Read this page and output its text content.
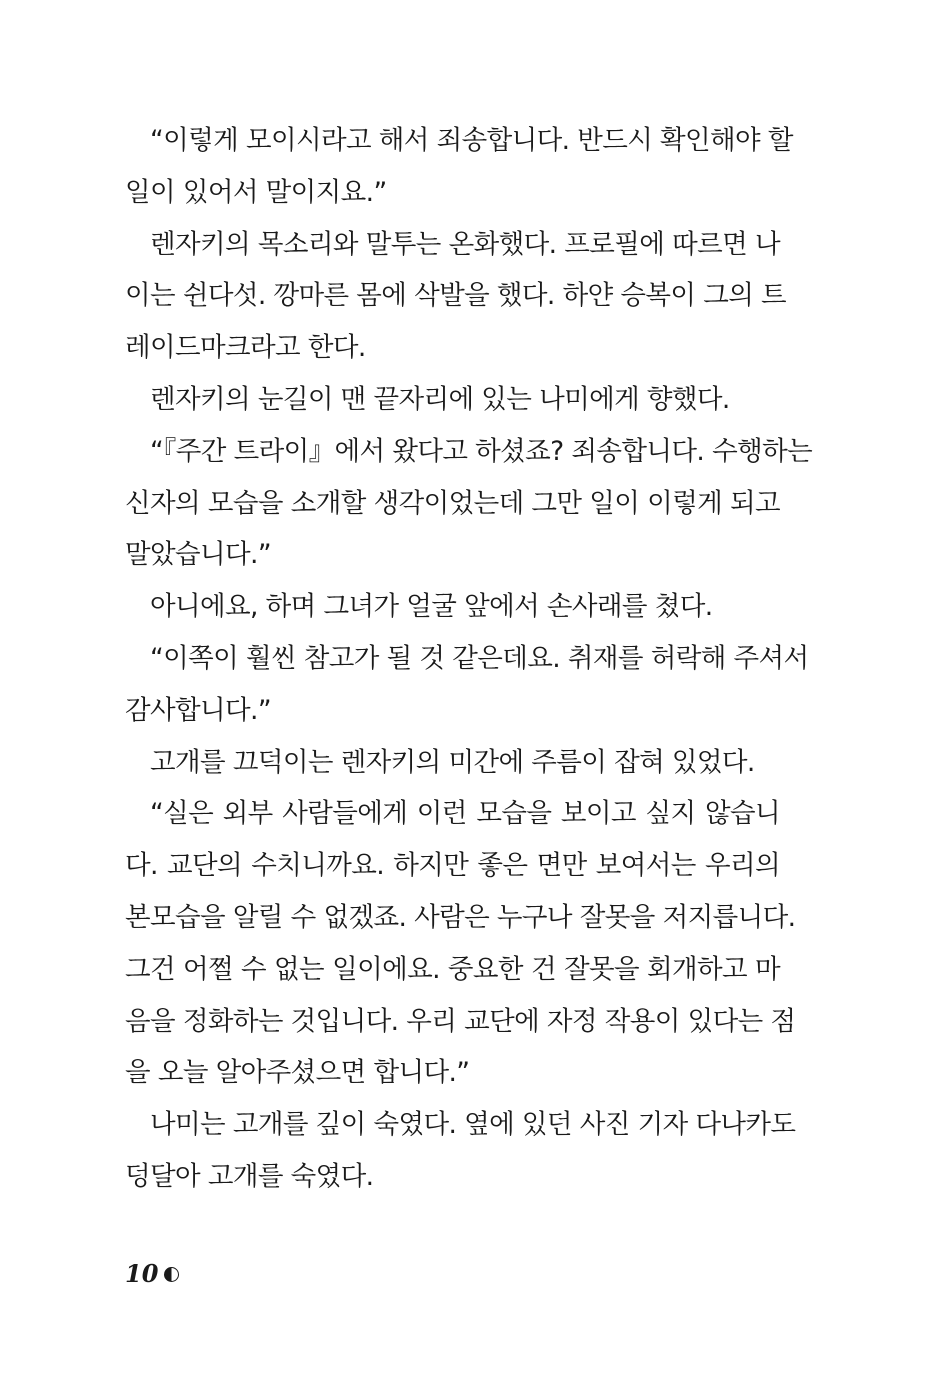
“이렇게 모이시라고 해서 죄송합니다. 반드시 확인해야 할
일이 있어서 말이지요.”
렌자키의 목소리와 말투는 온화했다. 프로필에 따르면 나
이는 쉰다섯. 깡마른 몸에 삭발을 했다. 하얀 승복이 그의 트
레이드마크라고 한다.
렌자키의 눈길이 맨 끝자리에 있는 나미에게 향했다.
“『주간 트라이』에서 왔다고 하셨죠? 죄송합니다. 수행하는
신자의 모습을 소개할 생각이었는데 그만 일이 이렇게 되고
말았습니다.”
아니에요, 하며 그녀가 얼굴 앞에서 손사래를 쳤다.
“이쪽이 훨씬 참고가 될 것 같은데요. 취재를 허락해 주셔서
감사합니다.”
고개를 끄덕이는 렌자키의 미간에 주름이 잡혀 있었다.
“실은 외부 사람들에게 이런 모습을 보이고 싶지 않습니
다. 교단의 수치니까요. 하지만 좋은 면만 보여서는 우리의
본모습을 알릴 수 없겠죠. 사람은 누구나 잘못을 저지릅니다.
그건 어쩔 수 없는 일이에요. 중요한 건 잘못을 회개하고 마
음을 정화하는 것입니다. 우리 교단에 자정 작용이 있다는 점
을 오늘 알아주셨으면 합니다.”
나미는 고개를 깊이 숙였다. 옆에 있던 사진 기자 다나카도
덩달아 고개를 숙였다.
10
